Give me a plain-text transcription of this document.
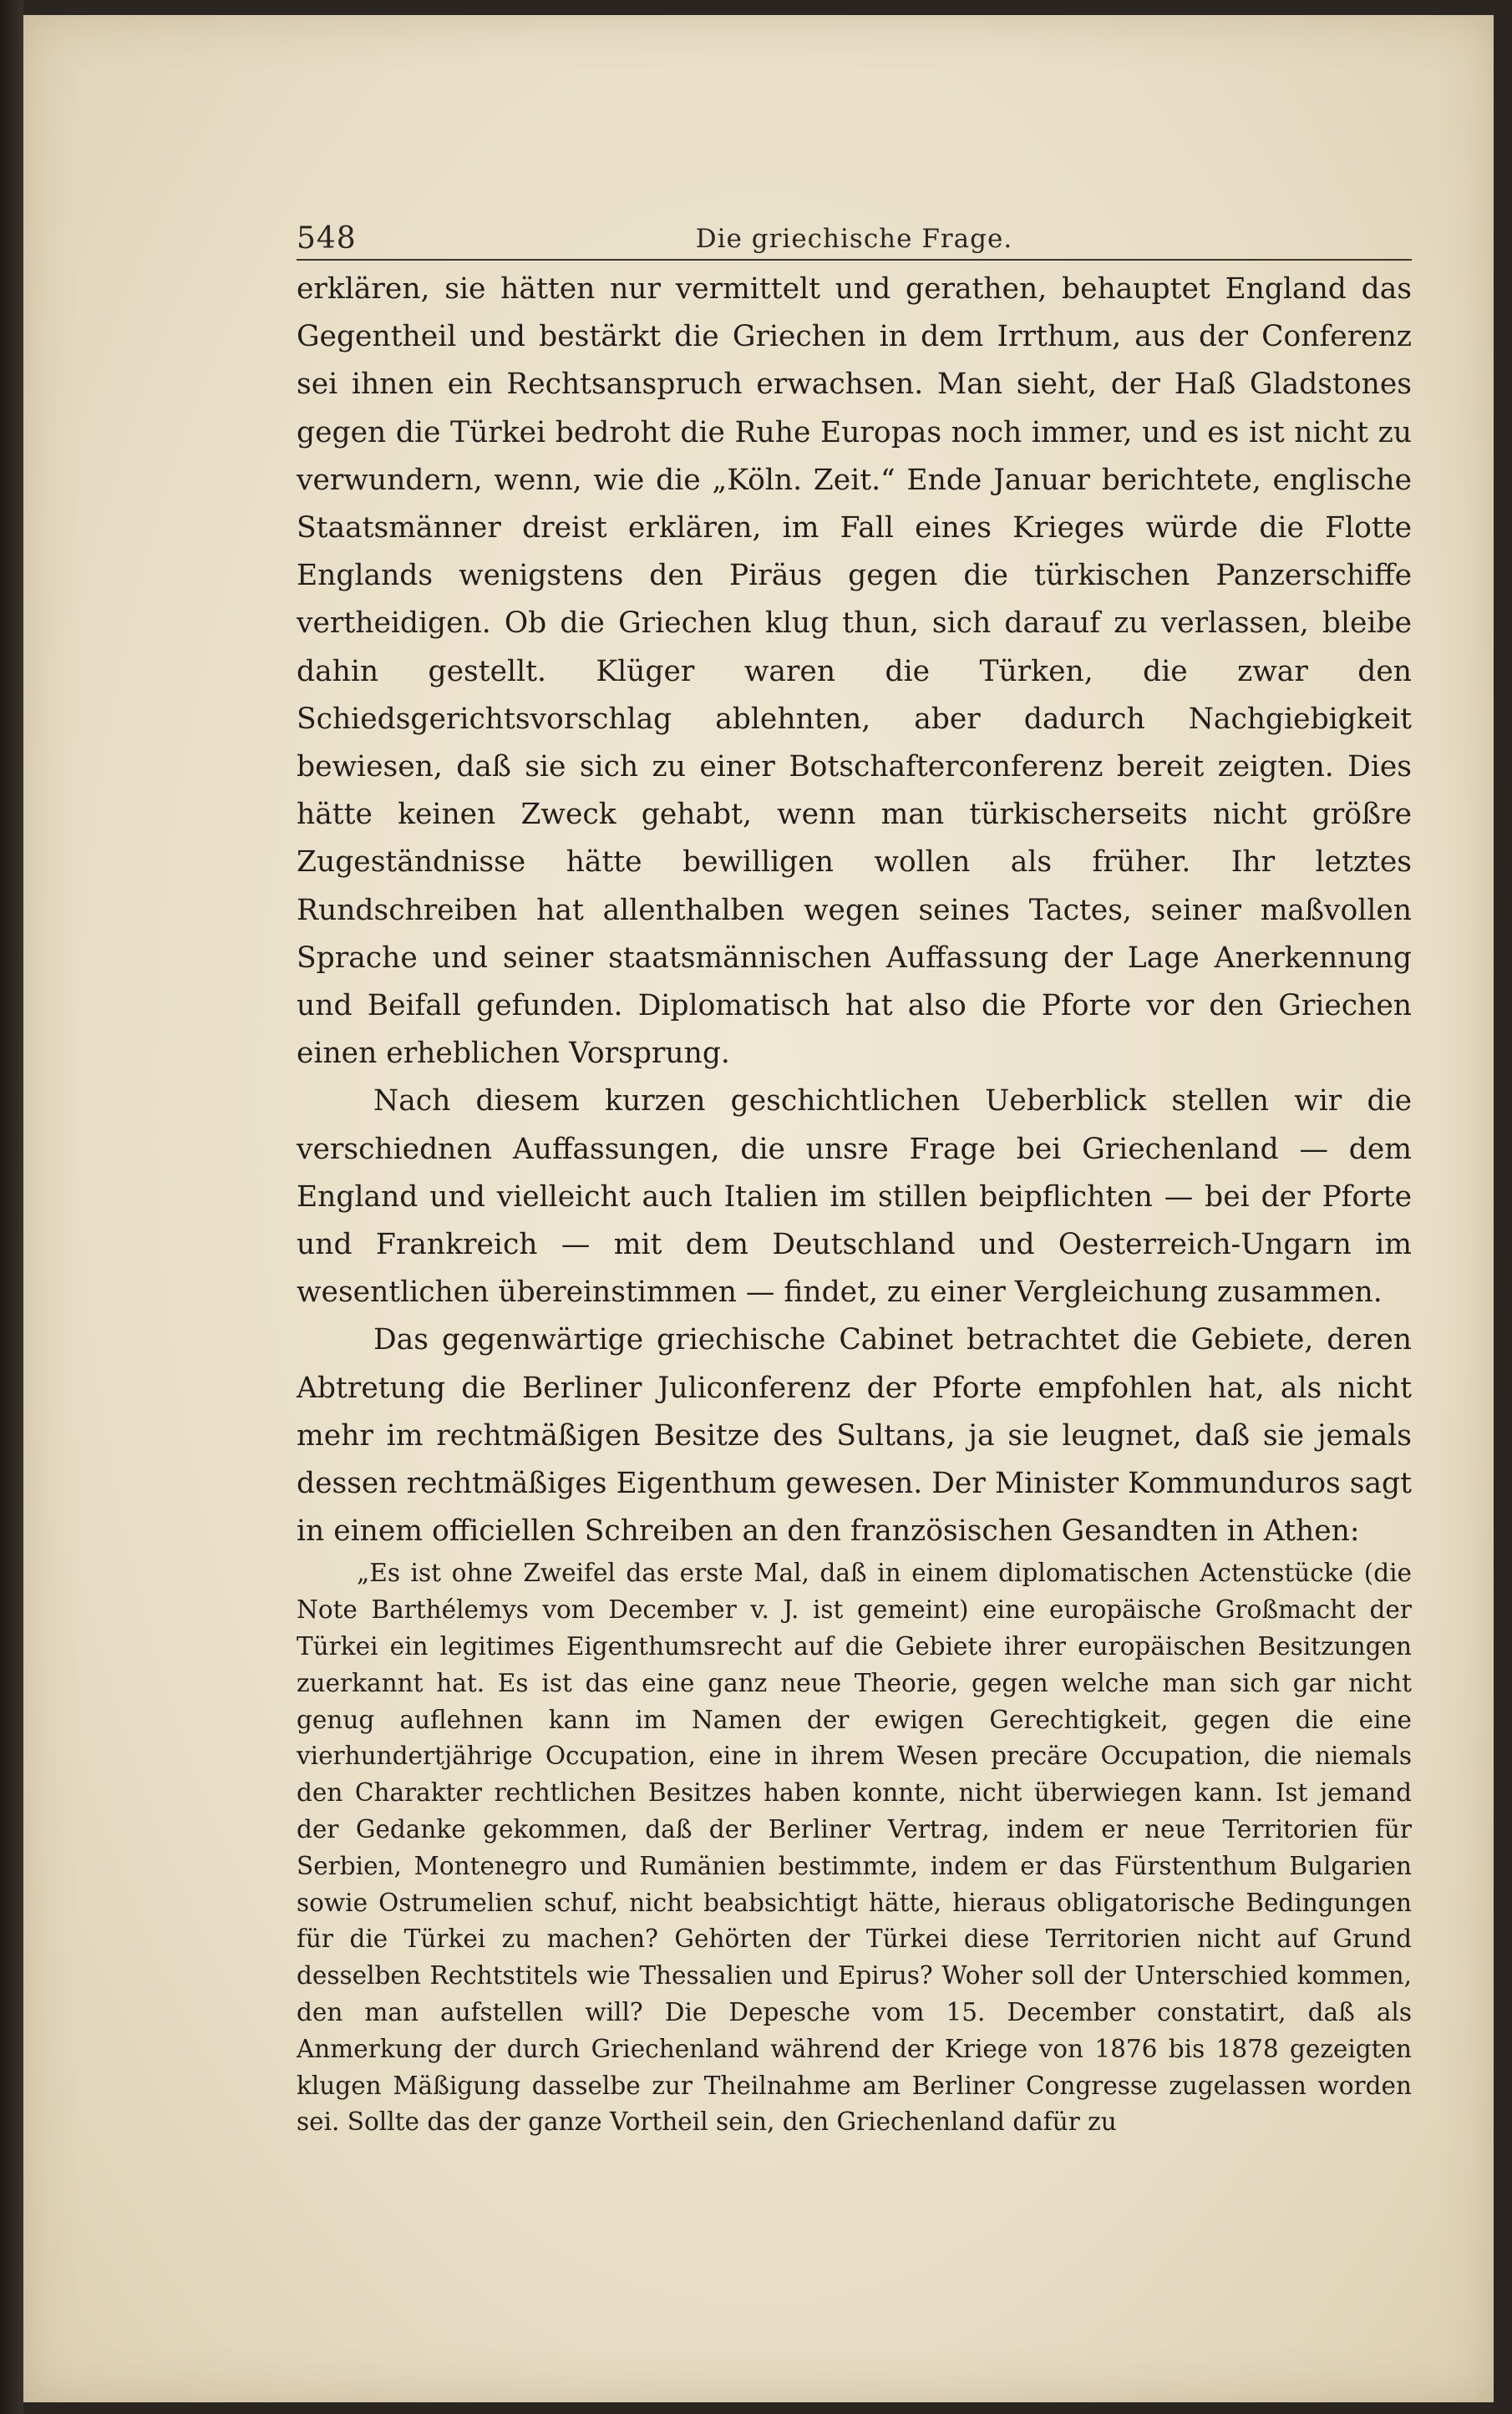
548	Die griechische Frage.

erklären, sie hätten nur vermittelt und gerathen, behauptet England das Gegentheil und bestärkt die Griechen in dem Irrthum, aus der Conferenz sei ihnen ein Rechtsanspruch erwachsen. Man sieht, der Haß Gladstones gegen die Türkei bedroht die Ruhe Europas noch immer, und es ist nicht zu verwundern, wenn, wie die „Köln. Zeit.“ Ende Januar berichtete, englische Staatsmänner dreist erklären, im Fall eines Krieges würde die Flotte Englands wenigstens den Piräus gegen die türkischen Panzerschiffe vertheidigen. Ob die Griechen klug thun, sich darauf zu verlassen, bleibe dahin gestellt. Klüger waren die Türken, die zwar den Schiedsgerichtsvorschlag ablehnten, aber dadurch Nachgiebigkeit bewiesen, daß sie sich zu einer Botschafterconferenz bereit zeigten. Dies hätte keinen Zweck gehabt, wenn man türkischerseits nicht größre Zugeständnisse hätte bewilligen wollen als früher. Ihr letztes Rundschreiben hat allenthalben wegen seines Tactes, seiner maßvollen Sprache und seiner staatsmännischen Auffassung der Lage Anerkennung und Beifall gefunden. Diplomatisch hat also die Pforte vor den Griechen einen erheblichen Vorsprung.

Nach diesem kurzen geschichtlichen Ueberblick stellen wir die verschiednen Auffassungen, die unsre Frage bei Griechenland — dem England und vielleicht auch Italien im stillen beipflichten — bei der Pforte und Frankreich — mit dem Deutschland und Oesterreich-Ungarn im wesentlichen übereinstimmen — findet, zu einer Vergleichung zusammen.

Das gegenwärtige griechische Cabinet betrachtet die Gebiete, deren Abtretung die Berliner Juliconferenz der Pforte empfohlen hat, als nicht mehr im rechtmäßigen Besitze des Sultans, ja sie leugnet, daß sie jemals dessen rechtmäßiges Eigenthum gewesen. Der Minister Kommunduros sagt in einem officiellen Schreiben an den französischen Gesandten in Athen:

„Es ist ohne Zweifel das erste Mal, daß in einem diplomatischen Actenstücke (die Note Barthélemys vom December v. J. ist gemeint) eine europäische Großmacht der Türkei ein legitimes Eigenthumsrecht auf die Gebiete ihrer europäischen Besitzungen zuerkannt hat. Es ist das eine ganz neue Theorie, gegen welche man sich gar nicht genug auflehnen kann im Namen der ewigen Gerechtigkeit, gegen die eine vierhundertjährige Occupation, eine in ihrem Wesen precäre Occupation, die niemals den Charakter rechtlichen Besitzes haben konnte, nicht überwiegen kann. Ist jemand der Gedanke gekommen, daß der Berliner Vertrag, indem er neue Territorien für Serbien, Montenegro und Rumänien bestimmte, indem er das Fürstenthum Bulgarien sowie Ostrumelien schuf, nicht beabsichtigt hätte, hieraus obligatorische Bedingungen für die Türkei zu machen? Gehörten der Türkei diese Territorien nicht auf Grund desselben Rechtstitels wie Thessalien und Epirus? Woher soll der Unterschied kommen, den man aufstellen will? Die Depesche vom 15. December constatirt, daß als Anmerkung der durch Griechenland während der Kriege von 1876 bis 1878 gezeigten klugen Mäßigung dasselbe zur Theilnahme am Berliner Congresse zugelassen worden sei. Sollte das der ganze Vortheil sein, den Griechenland dafür zu
